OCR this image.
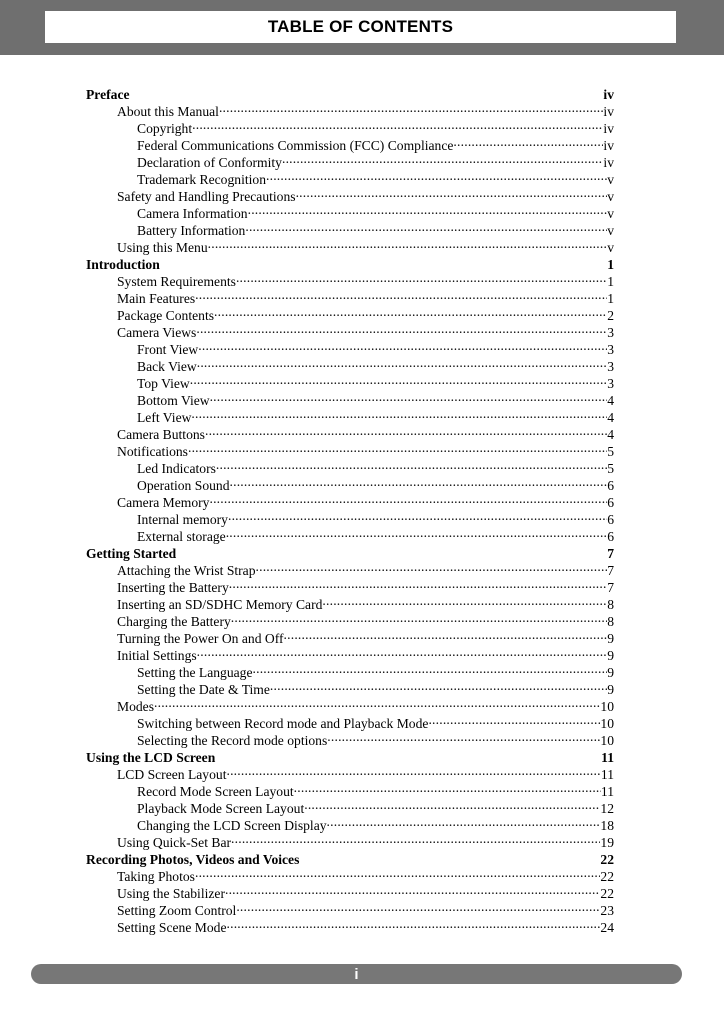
TABLE OF CONTENTS
Preface	iv
About this Manual .....	iv
Copyright .....	iv
Federal Communications Commission (FCC) Compliance .....	iv
Declaration of Conformity .....	iv
Trademark Recognition .....	v
Safety and Handling Precautions .....	v
Camera Information .....	v
Battery Information .....	v
Using this Menu .....	v
Introduction	1
System Requirements .....	1
Main Features .....	1
Package Contents .....	2
Camera Views .....	3
Front View .....	3
Back View .....	3
Top View .....	3
Bottom View .....	4
Left View .....	4
Camera Buttons .....	4
Notifications .....	5
Led Indicators .....	5
Operation Sound .....	6
Camera Memory .....	6
Internal memory .....	6
External storage .....	6
Getting Started	7
Attaching the Wrist Strap .....	7
Inserting the Battery .....	7
Inserting an SD/SDHC Memory Card .....	8
Charging the Battery .....	8
Turning the Power On and Off .....	9
Initial Settings .....	9
Setting the Language .....	9
Setting the Date & Time .....	9
Modes .....	10
Switching between Record mode and Playback Mode .....	10
Selecting the Record mode options .....	10
Using the LCD Screen	11
LCD Screen Layout .....	11
Record Mode Screen Layout .....	11
Playback Mode Screen Layout .....	12
Changing the LCD Screen Display .....	18
Using Quick-Set Bar .....	19
Recording Photos, Videos and Voices	22
Taking Photos .....	22
Using the Stabilizer .....	22
Setting Zoom Control .....	23
Setting Scene Mode .....	24
i
